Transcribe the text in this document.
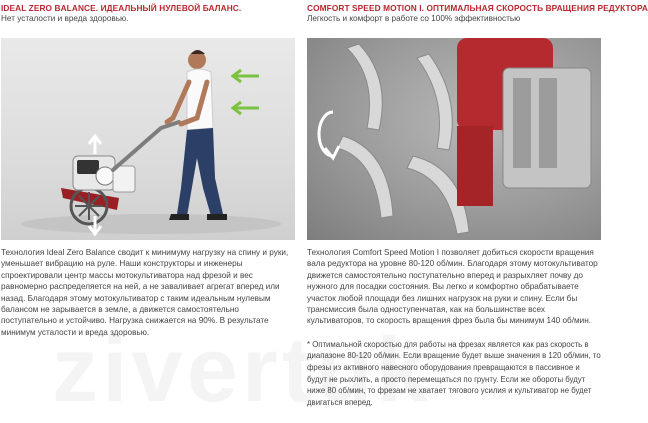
IDEAL ZERO BALANCE. ИДЕАЛЬНЫЙ НУЛЕВОЙ БАЛАНС.
Нет усталости и вреда здоровью.

Технология Ideal Zero Balance сводит к минимуму нагрузку на спину и руки, уменьшает вибрацию на руле. Наши конструкторы и инженеры спроектировали центр массы мотокультиватора над фрезой и вес равномерно распределяется на ней, а не заваливает агрегат вперед или назад. Благодаря этому мотокультиватор с таким идеальным нулевым балансом не зарывается в земле, а движется самостоятельно поступательно и устойчиво. Нагрузка снижается на 90%. В результате минимум усталости и вреда здоровью.

COMFORT SPEED MOTION I. ОПТИМАЛЬНАЯ СКОРОСТЬ ВРАЩЕНИЯ РЕДУКТОРА
Легкость и комфорт в работе со 100% эффективностью

Технология Comfort Speed Motion I позволяет добиться скорости вращения вала редуктора на уровне 80-120 об/мин. Благодаря этому мотокультиватор движется самостоятельно поступательно вперед и разрыхляет почву до нужного для посадки состояния. Вы легко и комфортно обрабатываете участок любой площади без лишних нагрузок на руки и спину. Если бы трансмиссия была одноступенчатая, как на большинстве всех культиваторов, то скорость вращения фрез была бы минимум 140 об/мин.

* Оптимальной скоростью для работы на фрезах является как раз скорость в диапазоне 80-120 об/мин. Если вращение будет выше значения в 120 об/мин, то фрезы из активного навесного оборудования превращаются в пассивное и будут не рыхлить, а просто перемещаться по грунту. Если же обороты будут ниже 80 об/мин, то фрезам не хватает тягового усилия и культиватор не будет двигаться вперед.
